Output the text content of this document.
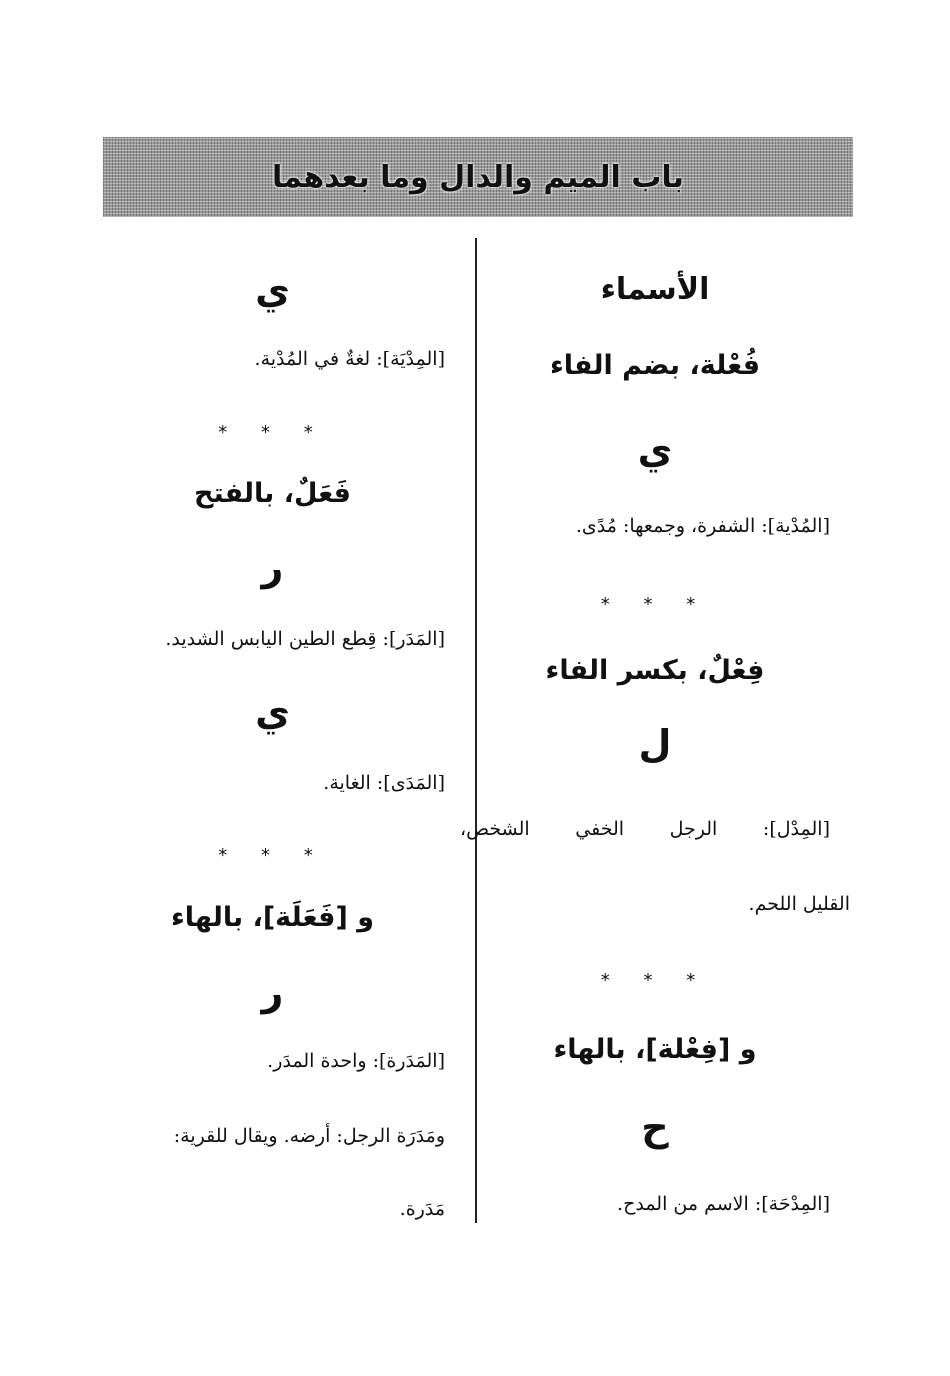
باب الميم والدال وما بعدهما
الأسماء
فُعْلة، بضم الفاء
ي
[المُدْية]: الشفرة، وجمعها: مُدًى.
* * *
فِعْلٌ، بكسر الفاء
ل
[المِدْل]: الرجل الخفي الشخص،
القليل اللحم.
* * *
و [فِعْلة]، بالهاء
ح
[المِدْحَة]: الاسم من المدح.
ي
[المِدْيَة]: لغةٌ في المُدْية.
* * *
فَعَلٌ، بالفتح
ر
[المَدَر]: قِطع الطين اليابس الشديد.
ي
[المَدَى]: الغاية.
* * *
و [فَعَلَة]، بالهاء
ر
[المَدَرة]: واحدة المدَر.
ومَدَرَة الرجل: أرضه. ويقال للقرية:
مَدَرة.
